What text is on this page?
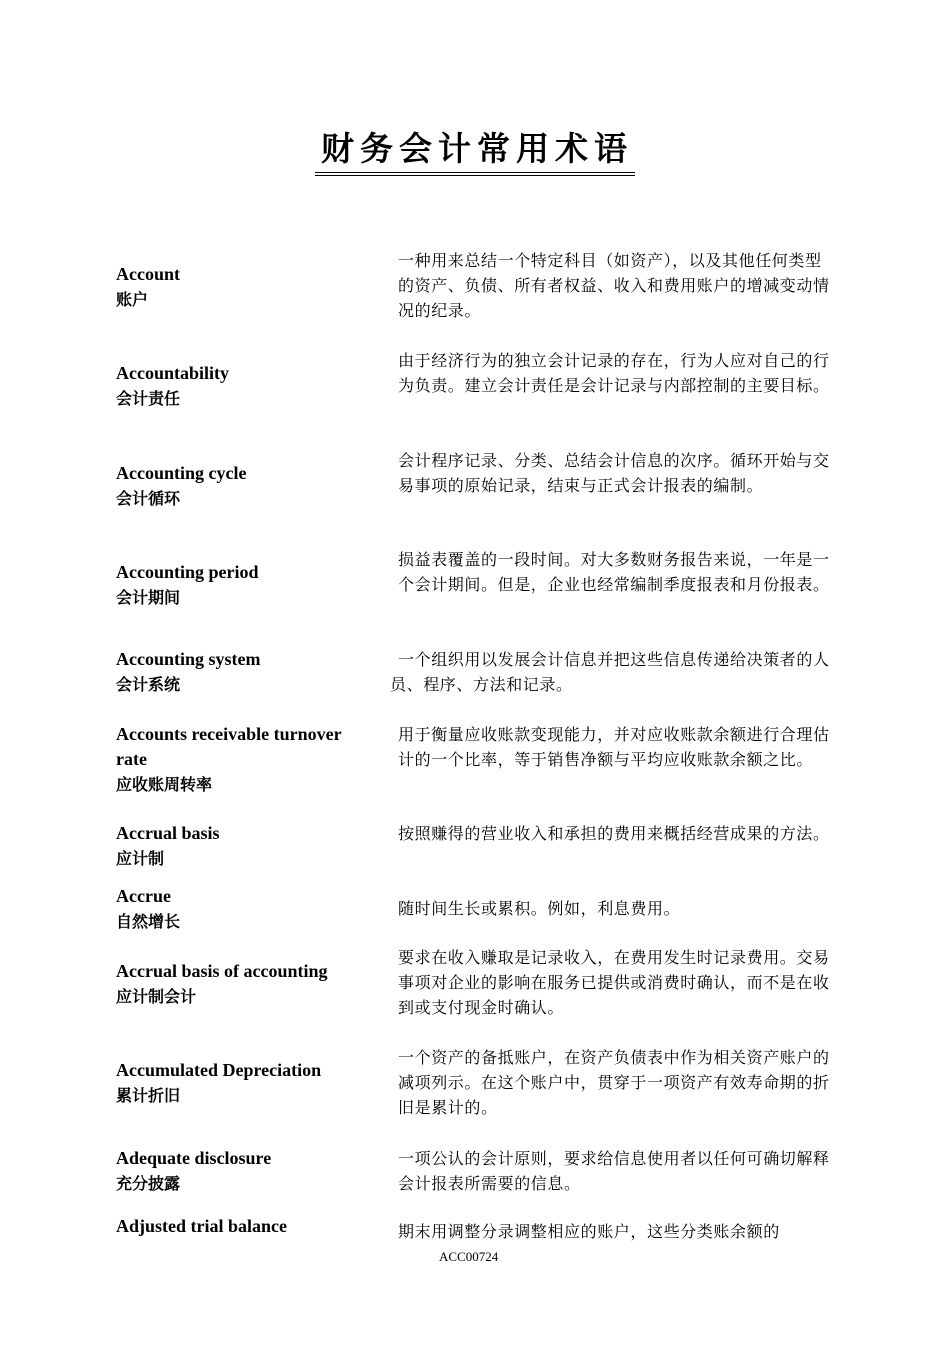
财务会计常用术语
Account
账户
一种用来总结一个特定科目（如资产），以及其他任何类型的资产、负债、所有者权益、收入和费用账户的增减变动情况的纪录。
Accountability
会计责任
由于经济行为的独立会计记录的存在，行为人应对自己的行为负责。建立会计责任是会计记录与内部控制的主要目标。
Accounting cycle
会计循环
会计程序记录、分类、总结会计信息的次序。循环开始与交易事项的原始记录，结束与正式会计报表的编制。
Accounting period
会计期间
损益表覆盖的一段时间。对大多数财务报告来说，一年是一个会计期间。但是，企业也经常编制季度报表和月份报表。
Accounting system
会计系统
一个组织用以发展会计信息并把这些信息传递给决策者的人员、程序、方法和记录。
Accounts receivable turnover rate
应收账周转率
用于衡量应收账款变现能力，并对应收账款余额进行合理估计的一个比率，等于销售净额与平均应收账款余额之比。
Accrual basis
应计制
按照赚得的营业收入和承担的费用来概括经营成果的方法。
Accrue
自然增长
随时间生长或累积。例如，利息费用。
Accrual basis of accounting
应计制会计
要求在收入赚取是记录收入，在费用发生时记录费用。交易事项对企业的影响在服务已提供或消费时确认，而不是在收到或支付现金时确认。
Accumulated Depreciation
累计折旧
一个资产的备抵账户，在资产负债表中作为相关资产账户的减项列示。在这个账户中，贯穿于一项资产有效寿命期的折旧是累计的。
Adequate disclosure
充分披露
一项公认的会计原则，要求给信息使用者以任何可确切解释会计报表所需要的信息。
Adjusted trial balance	期末用调整分录调整相应的账户，这些分类账余额的
ACC00724
